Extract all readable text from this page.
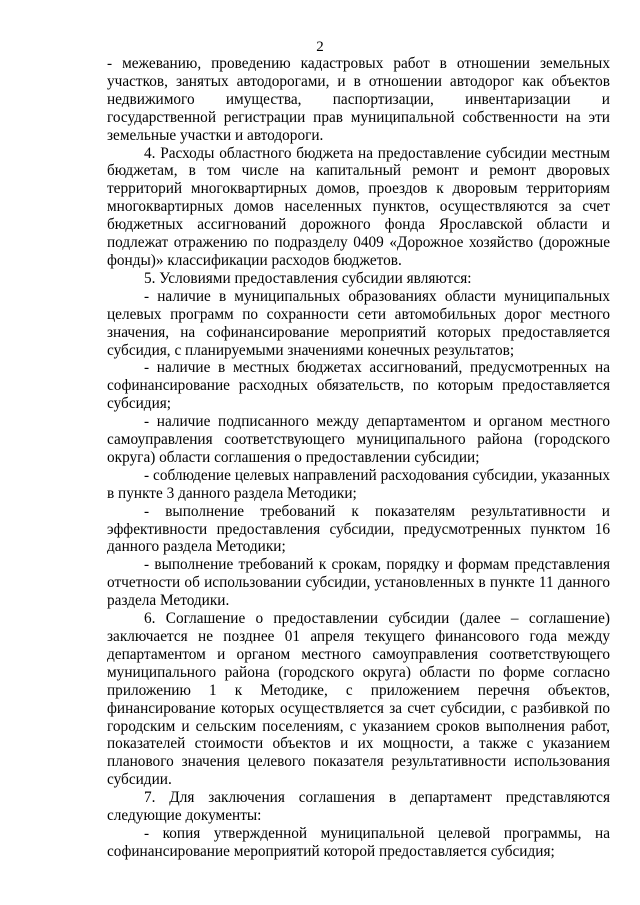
2

- межеванию, проведению кадастровых работ в отношении земельных участков, занятых автодорогами, и в отношении автодорог как объектов недвижимого имущества, паспортизации, инвентаризации и государственной регистрации прав муниципальной собственности на эти земельные участки и автодороги.

4. Расходы областного бюджета на предоставление субсидии местным бюджетам, в том числе на капитальный ремонт и ремонт дворовых территорий многоквартирных домов, проездов к дворовым территориям многоквартирных домов населенных пунктов, осуществляются за счет бюджетных ассигнований дорожного фонда Ярославской области и подлежат отражению по подразделу 0409 «Дорожное хозяйство (дорожные фонды)» классификации расходов бюджетов.

5. Условиями предоставления субсидии являются:

- наличие в муниципальных образованиях области муниципальных целевых программ по сохранности сети автомобильных дорог местного значения, на софинансирование мероприятий которых предоставляется субсидия, с планируемыми значениями конечных результатов;

- наличие в местных бюджетах ассигнований, предусмотренных на софинансирование расходных обязательств, по которым предоставляется субсидия;

- наличие подписанного между департаментом и органом местного самоуправления соответствующего муниципального района (городского округа) области соглашения о предоставлении субсидии;

- соблюдение целевых направлений расходования субсидии, указанных в пункте 3 данного раздела Методики;

- выполнение требований к показателям результативности и эффективности предоставления субсидии, предусмотренных пунктом 16 данного раздела Методики;

- выполнение требований к срокам, порядку и формам представления отчетности об использовании субсидии, установленных в пункте 11 данного раздела Методики.

6. Соглашение о предоставлении субсидии (далее – соглашение) заключается не позднее 01 апреля текущего финансового года между департаментом и органом местного самоуправления соответствующего муниципального района (городского округа) области по форме согласно приложению 1 к Методике, с приложением перечня объектов, финансирование которых осуществляется за счет субсидии, с разбивкой по городским и сельским поселениям, с указанием сроков выполнения работ, показателей стоимости объектов и их мощности, а также с указанием планового значения целевого показателя результативности использования субсидии.

7. Для заключения соглашения в департамент представляются следующие документы:

- копия утвержденной муниципальной целевой программы, на софинансирование мероприятий которой предоставляется субсидия;
